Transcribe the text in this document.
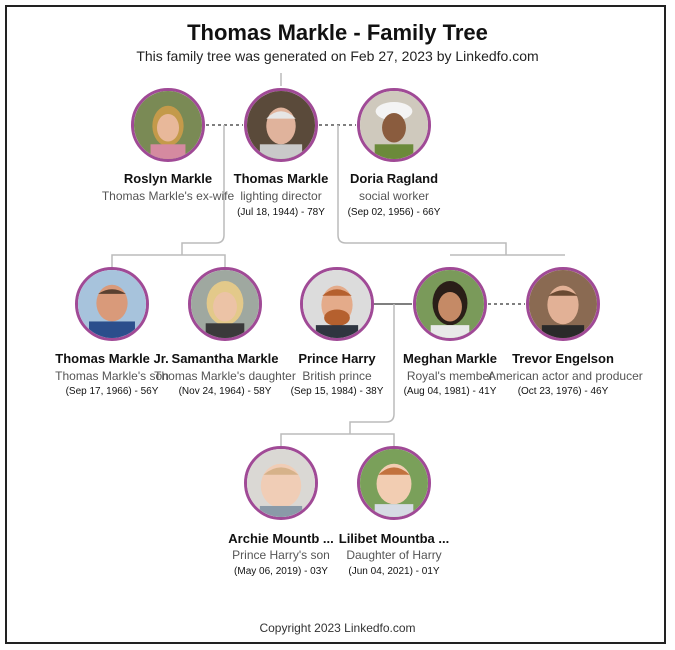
Thomas Markle - Family Tree
This family tree was generated on Feb 27, 2023 by Linkedfo.com
Roslyn Markle
Thomas Markle's ex-wife
Thomas Markle
lighting director
(Jul 18, 1944) - 78Y
Doria Ragland
social worker
(Sep 02, 1956) - 66Y
Thomas Markle Jr.
Thomas Markle's son
(Sep 17, 1966) - 56Y
Samantha Markle
Thomas Markle's daughter
(Nov 24, 1964) - 58Y
Prince Harry
British prince
(Sep 15, 1984) - 38Y
Meghan Markle
Royal's member
(Aug 04, 1981) - 41Y
Trevor Engelson
American actor and producer
(Oct 23, 1976) - 46Y
Archie Mountb ...
Prince Harry's son
(May 06, 2019) - 03Y
Lilibet Mountba ...
Daughter of Harry
(Jun 04, 2021) - 01Y
Copyright 2023 Linkedfo.com
